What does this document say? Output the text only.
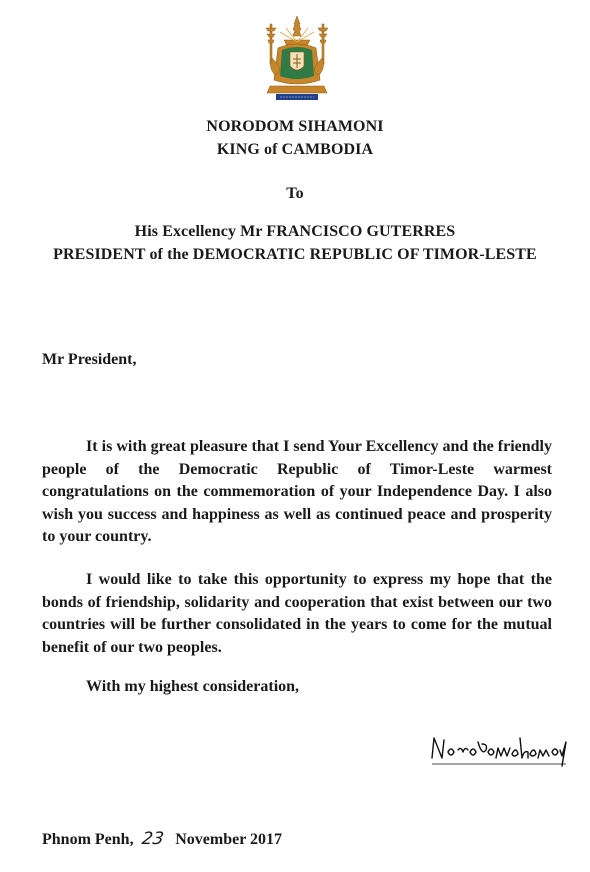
NORODOM SIHAMONI
KING of CAMBODIA
To
His Excellency Mr FRANCISCO GUTERRES
PRESIDENT of the DEMOCRATIC REPUBLIC OF TIMOR-LESTE
Mr President,
It is with great pleasure that I send Your Excellency and the friendly people of the Democratic Republic of Timor-Leste warmest congratulations on the commemoration of your Independence Day. I also wish you success and happiness as well as continued peace and prosperity to your country.
I would like to take this opportunity to express my hope that the bonds of friendship, solidarity and cooperation that exist between our two countries will be further consolidated in the years to come for the mutual benefit of our two peoples.
With my highest consideration,
Phnom Penh, 23 November 2017
